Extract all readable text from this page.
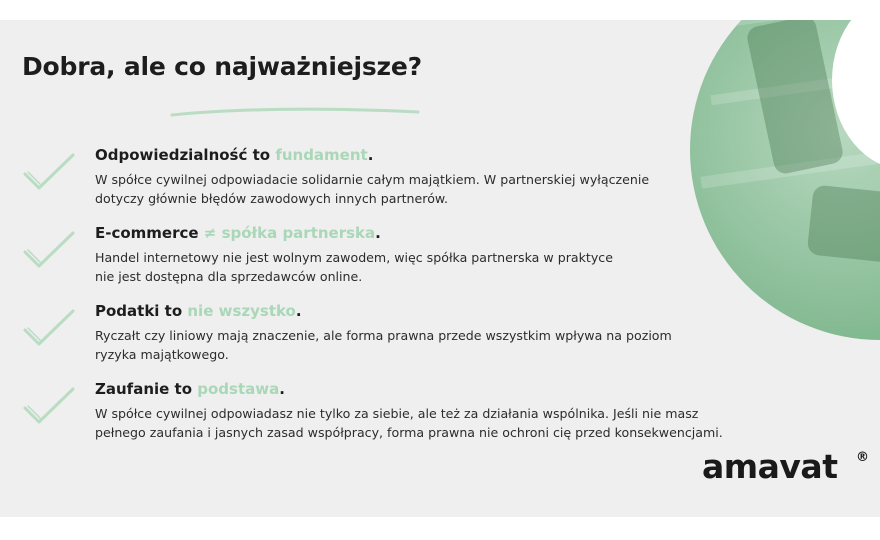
Dobra, ale co najważniejsze?
Odpowiedzialność to fundament.
W spółce cywilnej odpowiadacie solidarnie całym majątkiem. W partnerskiej wyłączenie
dotyczy głównie błędów zawodowych innych partnerów.
E-commerce ≠ spółka partnerska.
Handel internetowy nie jest wolnym zawodem, więc spółka partnerska w praktyce
nie jest dostępna dla sprzedawców online.
Podatki to nie wszystko.
Ryczałt czy liniowy mają znaczenie, ale forma prawna przede wszystkim wpływa na poziom
ryzyka majątkowego.
Zaufanie to podstawa.
W spółce cywilnej odpowiadasz nie tylko za siebie, ale też za działania wspólnika. Jeśli nie masz
pełnego zaufania i jasnych zasad współpracy, forma prawna nie ochroni cię przed konsekwencjami.
amavat ®
